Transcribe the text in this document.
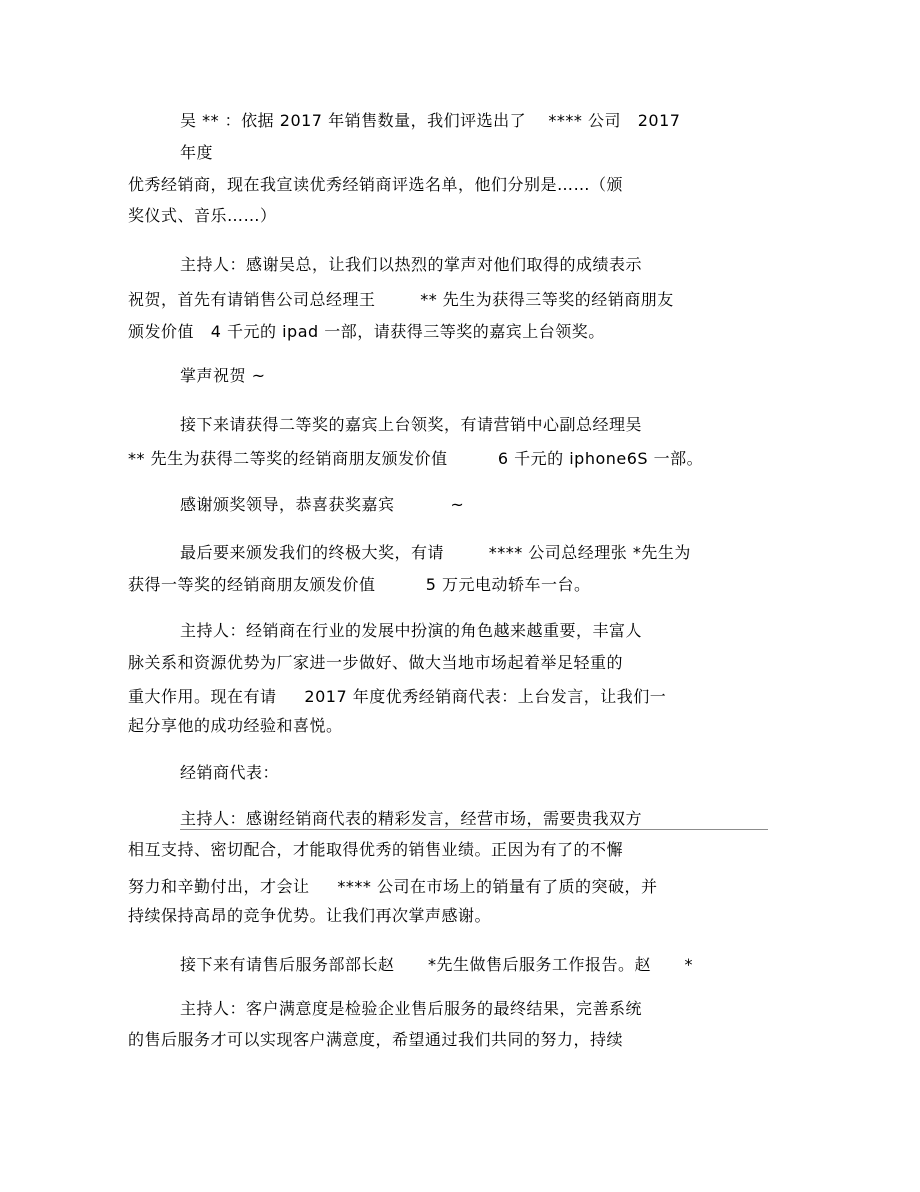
吴 ** ：依据 2017 年销售数量，我们评选出了    **** 公司   2017
年度
优秀经销商，现在我宣读优秀经销商评选名单，他们分别是……（颁
奖仪式、音乐……）
主持人：感谢吴总，让我们以热烈的掌声对他们取得的成绩表示
祝贺，首先有请销售公司总经理王        ** 先生为获得三等奖的经销商朋友
颁发价值   4 千元的 ipad 一部，请获得三等奖的嘉宾上台领奖。
掌声祝贺 ~
接下来请获得二等奖的嘉宾上台领奖，有请营销中心副总经理吴
** 先生为获得二等奖的经销商朋友颁发价值         6 千元的 iphone6S 一部。
感谢颁奖领导，恭喜获奖嘉宾          ~
最后要来颁发我们的终极大奖，有请        **** 公司总经理张 *先生为
获得一等奖的经销商朋友颁发价值         5 万元电动轿车一台。
主持人：经销商在行业的发展中扮演的角色越来越重要，丰富人
脉关系和资源优势为厂家进一步做好、做大当地市场起着举足轻重的
重大作用。现在有请     2017 年度优秀经销商代表：上台发言，让我们一
起分享他的成功经验和喜悦。
经销商代表：
主持人：感谢经销商代表的精彩发言，经营市场，需要贵我双方
相互支持、密切配合，才能取得优秀的销售业绩。正因为有了的不懈
努力和辛勤付出，才会让     **** 公司在市场上的销量有了质的突破，并
持续保持高昂的竞争优势。让我们再次掌声感谢。
接下来有请售后服务部部长赵      *先生做售后服务工作报告。赵      *
主持人：客户满意度是检验企业售后服务的最终结果，完善系统
的售后服务才可以实现客户满意度，希望通过我们共同的努力，持续
